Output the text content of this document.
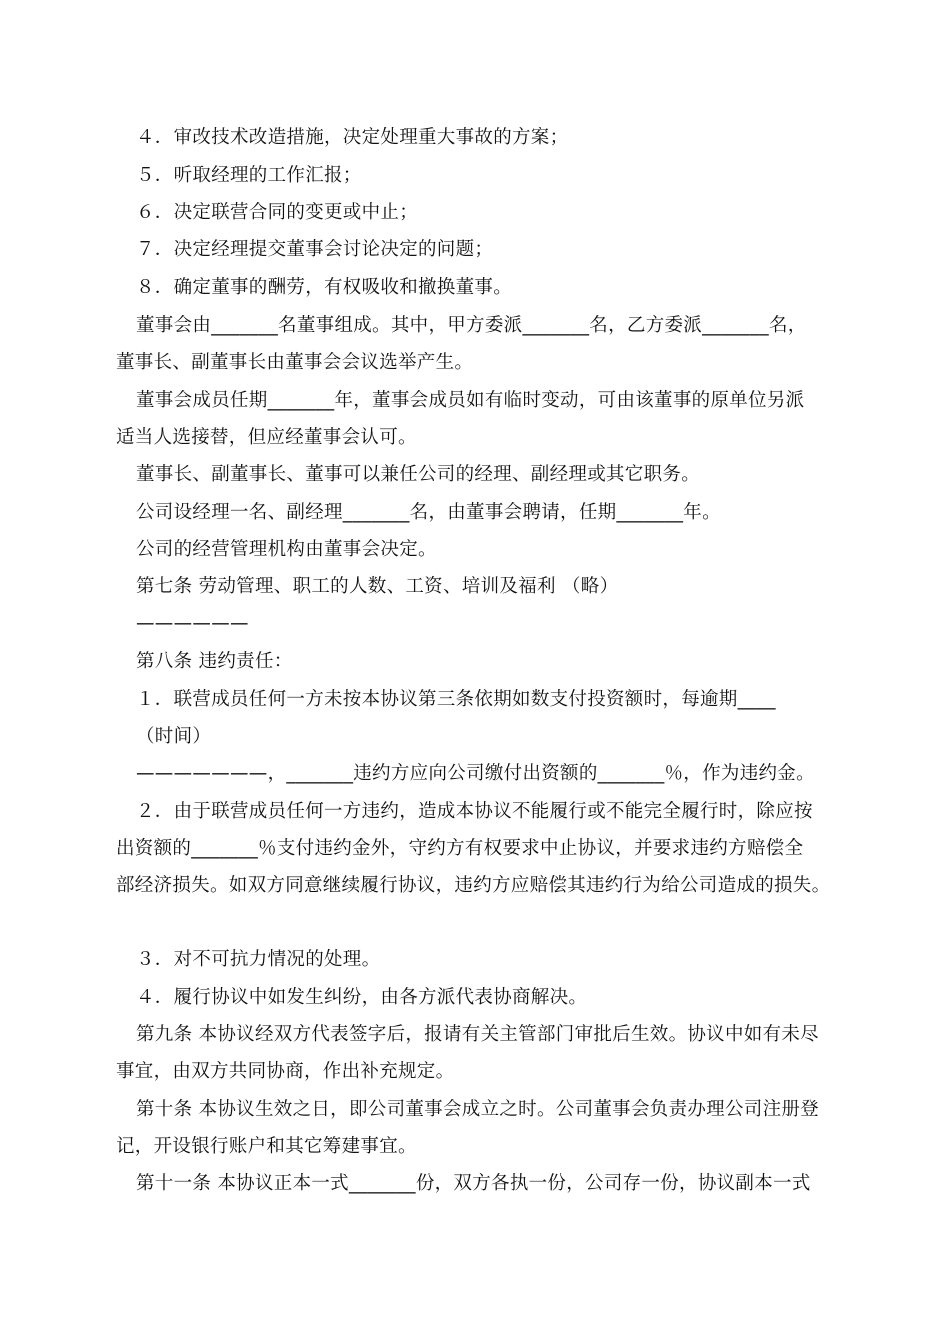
４．审改技术改造措施，决定处理重大事故的方案；
５．听取经理的工作汇报；
６．决定联营合同的变更或中止；
７．决定经理提交董事会讨论决定的问题；
８．确定董事的酬劳，有权吸收和撤换董事。
董事会由_______名董事组成。其中，甲方委派_______名，乙方委派_______名，
董事长、副董事长由董事会会议选举产生。
董事会成员任期_______年，董事会成员如有临时变动，可由该董事的原单位另派
适当人选接替，但应经董事会认可。
董事长、副董事长、董事可以兼任公司的经理、副经理或其它职务。
公司设经理一名、副经理_______名，由董事会聘请，任期_______年。
公司的经营管理机构由董事会决定。
第七条 劳动管理、职工的人数、工资、培训及福利 （略）
——————
第八条 违约责任：
１．联营成员任何一方未按本协议第三条依期如数支付投资额时，每逾期____
（时间）
———————，_______违约方应向公司缴付出资额的_______％，作为违约金。
２．由于联营成员任何一方违约，造成本协议不能履行或不能完全履行时，除应按
出资额的_______％支付违约金外，守约方有权要求中止协议，并要求违约方赔偿全
部经济损失。如双方同意继续履行协议，违约方应赔偿其违约行为给公司造成的损失。
３．对不可抗力情况的处理。
４．履行协议中如发生纠纷，由各方派代表协商解决。
第九条 本协议经双方代表签字后，报请有关主管部门审批后生效。协议中如有未尽
事宜，由双方共同协商，作出补充规定。
第十条 本协议生效之日，即公司董事会成立之时。公司董事会负责办理公司注册登
记，开设银行账户和其它筹建事宜。
第十一条 本协议正本一式_______份，双方各执一份，公司存一份，协议副本一式
